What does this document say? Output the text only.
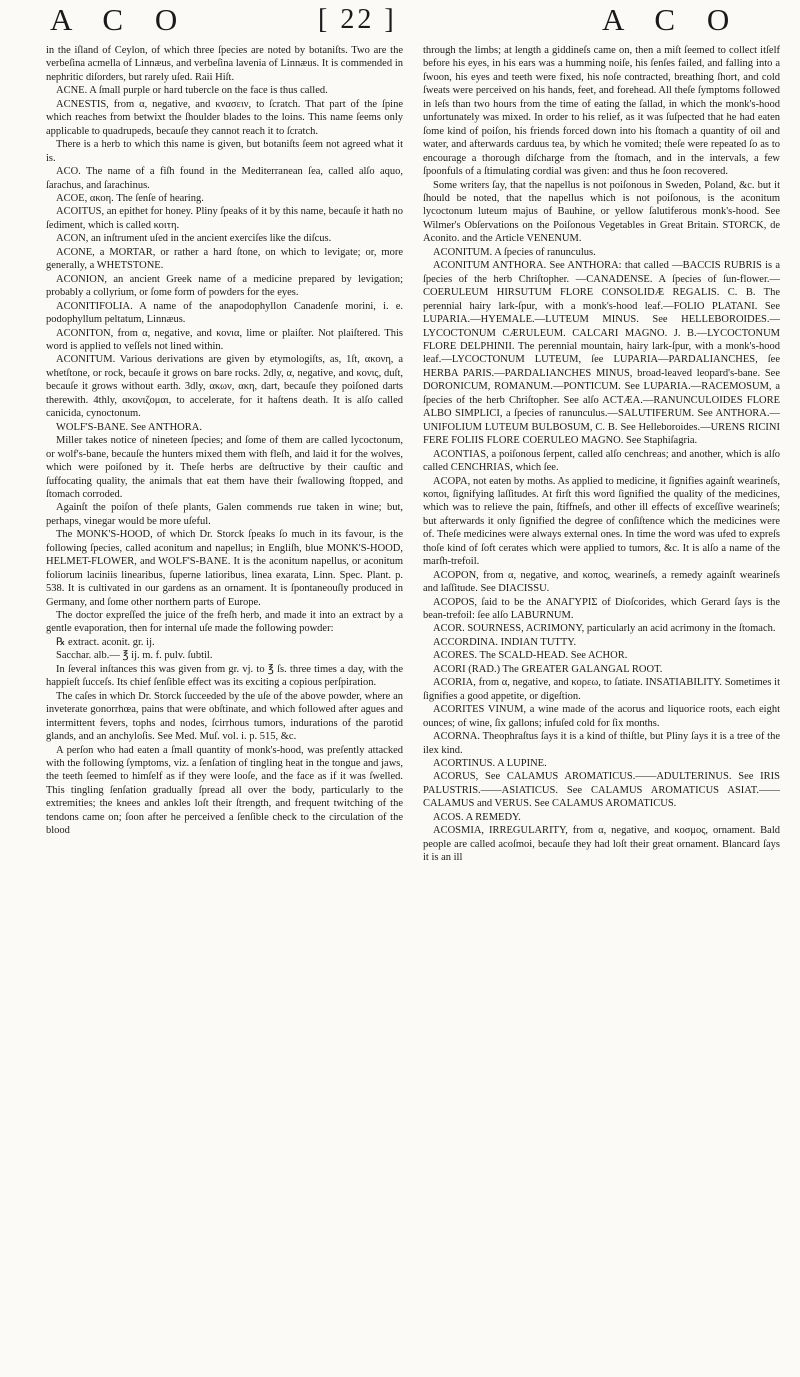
A C O	[ 22 ]	A C O

in the iſland of Ceylon, of which three ſpecies are noted by botaniſts. Two are the verbeſina acmella of Linnæus, and verbeſina lavenia of Linnæus. It is commended in nephritic diſorders, but rarely uſed. Raii Hiſt.

ACNE. A ſmall purple or hard tubercle on the face is thus called.

ACNESTIS, from α, negative, and κνασειν, to ſcratch. That part of the ſpine which reaches from betwixt the ſhoulder blades to the loins. This name ſeems only applicable to quadrupeds, becauſe they cannot reach it to ſcratch.

There is a herb to which this name is given, but botaniſts ſeem not agreed what it is.

ACO. The name of a fiſh found in the Mediterranean ſea, called alſo aquo, ſarachus, and ſarachinus.

ACOE, ακοη. The ſenſe of hearing.

ACOITUS, an epithet for honey. Pliny ſpeaks of it by this name, becauſe it hath no ſediment, which is called κοιτη.

ACON, an inſtrument uſed in the ancient exerciſes like the diſcus.

ACONE, a MORTAR, or rather a hard ſtone, on which to levigate; or, more generally, a WHETSTONE.

ACONION, an ancient Greek name of a medicine prepared by levigation; probably a collyrium, or ſome form of powders for the eyes.

ACONITIFOLIA. A name of the anapodophyllon Canadenſe morini, i. e. podophyllum peltatum, Linnæus.

ACONITON, from α, negative, and κονια, lime or plaiſter. Not plaiſtered. This word is applied to veſſels not lined within.

ACONITUM. Various derivations are given by etymologiſts, as, 1ſt, ακονη, a whetſtone, or rock, becauſe it grows on bare rocks. 2dly, α, negative, and κονις, duſt, becauſe it grows without earth. 3dly, ακων, ακη, dart, becauſe they poiſoned darts therewith. 4thly, ακονιζομαι, to accelerate, for it haſtens death. It is alſo called canicida, cynoctonum.

WOLF'S-BANE. See ANTHORA.

Miller takes notice of nineteen ſpecies; and ſome of them are called lycoctonum, or wolf's-bane, becauſe the hunters mixed them with fleſh, and laid it for the wolves, which were poiſoned by it. Theſe herbs are deſtructive by their cauſtic and ſuffocating quality, the animals that eat them have their ſwallowing ſtopped, and ſtomach corroded.

Againſt the poiſon of theſe plants, Galen commends rue taken in wine; but, perhaps, vinegar would be more uſeful.

The MONK'S-HOOD, of which Dr. Storck ſpeaks ſo much in its favour, is the following ſpecies, called aconitum and napellus; in Engliſh, blue MONK'S-HOOD, HELMET-FLOWER, and WOLF'S-BANE. It is the aconitum napellus, or aconitum foliorum laciniis linearibus, ſuperne latioribus, linea exarata, Linn. Spec. Plant. p. 538. It is cultivated in our gardens as an ornament. It is ſpontaneouſly produced in Germany, and ſome other northern parts of Europe.

The doctor expreſſed the juice of the freſh herb, and made it into an extract by a gentle evaporation, then for internal uſe made the following powder:

℞ extract. aconit. gr. ij.

Sacchar. alb.— ℥ ij. m. f. pulv. ſubtil.

In ſeveral inſtances this was given from gr. vj. to ℥ ſs. three times a day, with the happieſt ſucceſs. Its chief ſenſible effect was its exciting a copious perſpiration.

The caſes in which Dr. Storck ſucceeded by the uſe of the above powder, where an inveterate gonorrhœa, pains that were obſtinate, and which followed after agues and intermittent fevers, tophs and nodes, ſcirrhous tumors, indurations of the parotid glands, and an anchyloſis. See Med. Muſ. vol. i. p. 515, &c.

A perſon who had eaten a ſmall quantity of monk's-hood, was preſently attacked with the following ſymptoms, viz. a ſenſation of tingling heat in the tongue and jaws, the teeth ſeemed to himſelf as if they were looſe, and the face as if it was ſwelled. This tingling ſenſation gradually ſpread all over the body, particularly to the extremities; the knees and ankles loſt their ſtrength, and frequent twitching of the tendons came on; ſoon after he perceived a ſenſible check to the circulation of the blood

through the limbs; at length a giddineſs came on, then a miſt ſeemed to collect itſelf before his eyes, in his ears was a humming noiſe, his ſenſes failed, and falling into a ſwoon, his eyes and teeth were fixed, his noſe contracted, breathing ſhort, and cold ſweats were perceived on his hands, feet, and forehead. All theſe ſymptoms followed in leſs than two hours from the time of eating the ſallad, in which the monk's-hood unfortunately was mixed. In order to his relief, as it was ſuſpected that he had eaten ſome kind of poiſon, his friends forced down into his ſtomach a quantity of oil and water, and afterwards carduus tea, by which he vomited; theſe were repeated ſo as to encourage a thorough diſcharge from the ſtomach, and in the intervals, a few ſpoonfuls of a ſtimulating cordial was given: and thus he ſoon recovered.

Some writers ſay, that the napellus is not poiſonous in Sweden, Poland, &c. but it ſhould be noted, that the napellus which is not poiſonous, is the aconitum lycoctonum luteum majus of Bauhine, or yellow ſalutiferous monk's-hood. See Wilmer's Obſervations on the Poiſonous Vegetables in Great Britain. STORCK, de Aconito. and the Article VENENUM.

ACONITUM. A ſpecies of ranunculus.

ACONITUM ANTHORA. See ANTHORA: that called —BACCIS RUBRIS is a ſpecies of the herb Chriſtopher. —CANADENSE. A ſpecies of ſun-flower.—COERULEUM HIRSUTUM FLORE CONSOLIDÆ REGALIS. C. B. The perennial hairy lark-ſpur, with a monk's-hood leaf.—FOLIO PLATANI. See LUPARIA.—HYEMALE.—LUTEUM MINUS. See HELLEBOROIDES.—LYCOCTONUM CÆRULEUM. CALCARI MAGNO. J. B.—LYCOCTONUM FLORE DELPHINII. The perennial mountain, hairy lark-ſpur, with a monk's-hood leaf.—LYCOCTONUM LUTEUM, ſee LUPARIA—PARDALIANCHES, ſee HERBA PARIS.—PARDALIANCHES MINUS, broad-leaved leopard's-bane. See DORONICUM, ROMANUM.—PONTICUM. See LUPARIA.—RACEMOSUM, a ſpecies of the herb Chriſtopher. See alſo ACTÆA.—RANUNCULOIDES FLORE ALBO SIMPLICI, a ſpecies of ranunculus.—SALUTIFERUM. See ANTHORA.—UNIFOLIUM LUTEUM BULBOSUM, C. B. See Helleboroides.—URENS RICINI FERE FOLIIS FLORE COERULEO MAGNO. See Staphiſagria.

ACONTIAS, a poiſonous ſerpent, called alſo cenchreas; and another, which is alſo called CENCHRIAS, which ſee.

ACOPA, not eaten by moths. As applied to medicine, it ſignifies againſt wearineſs, κοποι, ſignifying laſſitudes. At firſt this word ſignified the quality of the medicines, which was to relieve the pain, ſtiffneſs, and other ill effects of exceſſive wearineſs; but afterwards it only ſignified the degree of conſiſtence which the medicines were of. Theſe medicines were always external ones. In time the word was ufed to expreſs thoſe kind of ſoft cerates which were applied to tumors, &c. It is alſo a name of the marſh-trefoil.

ACOPON, from α, negative, and κοπος, wearineſs, a remedy againſt wearineſs and laſſitude. See DIACISSU.

ACOPOS, ſaid to be the ΑΝΑΓΥΡΙΣ of Dioſcorides, which Gerard ſays is the bean-trefoil: ſee alſo LABURNUM.

ACOR. SOURNESS, ACRIMONY, particularly an acid acrimony in the ſtomach.

ACCORDINA. INDIAN TUTTY.

ACORES. The SCALD-HEAD. See ACHOR.

ACORI (RAD.) The GREATER GALANGAL ROOT.

ACORIA, from α, negative, and κορεω, to ſatiate. INSATIABILITY. Sometimes it ſignifies a good appetite, or digeſtion.

ACORITES VINUM, a wine made of the acorus and liquorice roots, each eight ounces; of wine, ſix gallons; infuſed cold for ſix months.

ACORNA. Theophraſtus ſays it is a kind of thiſtle, but Pliny ſays it is a tree of the ilex kind.

ACORTINUS. A LUPINE.

ACORUS, See CALAMUS AROMATICUS.——ADULTERINUS. See IRIS PALUSTRIS.——ASIATICUS. See CALAMUS AROMATICUS ASIAT.——CALAMUS and VERUS. See CALAMUS AROMATICUS.

ACOS. A REMEDY.

ACOSMIA, IRREGULARITY, from α, negative, and κοσμος, ornament. Bald people are called acoſmoi, becauſe they had loſt their great ornament. Blancard ſays it is an ill
